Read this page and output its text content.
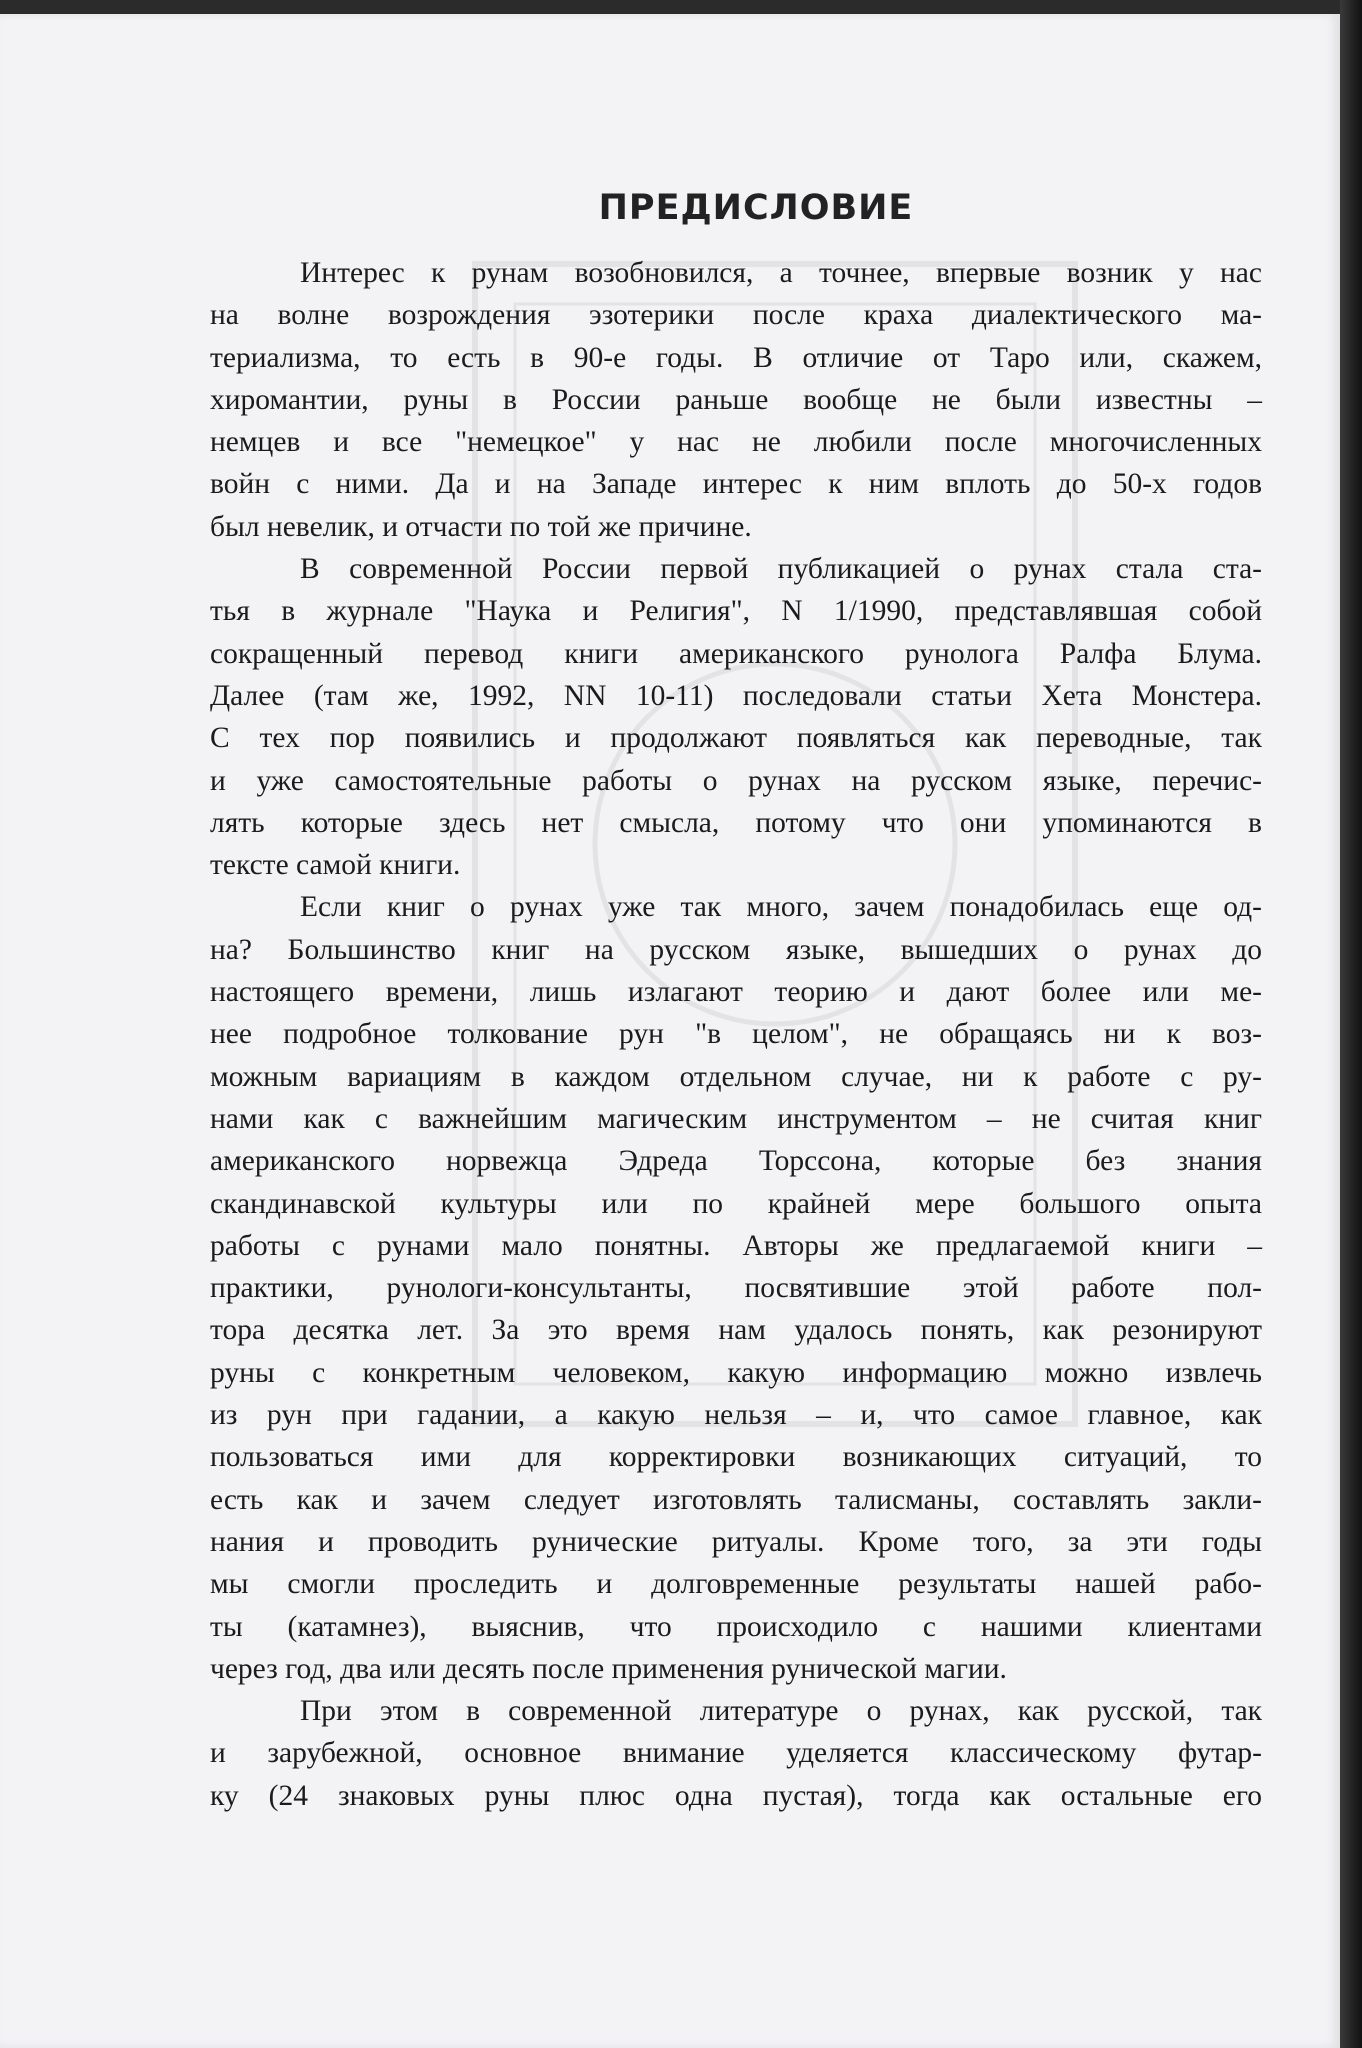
ПРЕДИСЛОВИЕ
Интерес к рунам возобновился, а точнее, впервые возник у нас
на волне возрождения эзотерики после краха диалектического ма-
териализма, то есть в 90-е годы. В отличие от Таро или, скажем,
хиромантии, руны в России раньше вообще не были известны –
немцев и все "немецкое" у нас не любили после многочисленных
войн с ними. Да и на Западе интерес к ним вплоть до 50-х годов
был невелик, и отчасти по той же причине.
В современной России первой публикацией о рунах стала ста-
тья в журнале "Наука и Религия", N 1/1990, представлявшая собой
сокращенный перевод книги американского рунолога Ралфа Блума.
Далее (там же, 1992, NN 10-11) последовали статьи Хета Монстера.
С тех пор появились и продолжают появляться как переводные, так
и уже самостоятельные работы о рунах на русском языке, перечис-
лять которые здесь нет смысла, потому что они упоминаются в
тексте самой книги.
Если книг о рунах уже так много, зачем понадобилась еще од-
на? Большинство книг на русском языке, вышедших о рунах до
настоящего времени, лишь излагают теорию и дают более или ме-
нее подробное толкование рун "в целом", не обращаясь ни к воз-
можным вариациям в каждом отдельном случае, ни к работе с ру-
нами как с важнейшим магическим инструментом – не считая книг
американского норвежца Эдреда Торссона, которые без знания
скандинавской культуры или по крайней мере большого опыта
работы с рунами мало понятны. Авторы же предлагаемой книги –
практики, рунологи-консультанты, посвятившие этой работе пол-
тора десятка лет. За это время нам удалось понять, как резонируют
руны с конкретным человеком, какую информацию можно извлечь
из рун при гадании, а какую нельзя – и, что самое главное, как
пользоваться ими для корректировки возникающих ситуаций, то
есть как и зачем следует изготовлять талисманы, составлять закли-
нания и проводить рунические ритуалы. Кроме того, за эти годы
мы смогли проследить и долговременные результаты нашей рабо-
ты (катамнез), выяснив, что происходило с нашими клиентами
через год, два или десять после применения рунической магии.
При этом в современной литературе о рунах, как русской, так
и зарубежной, основное внимание уделяется классическому футар-
ку (24 знаковых руны плюс одна пустая), тогда как остальные его
